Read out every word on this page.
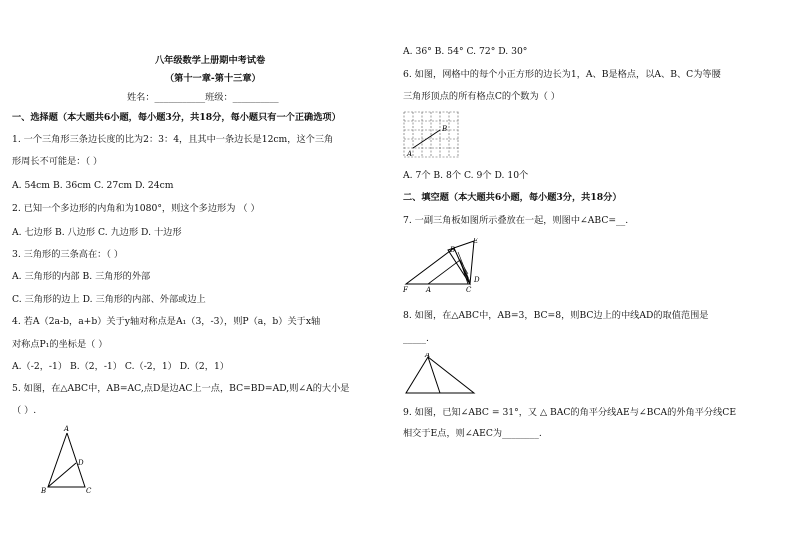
八年级数学上册期中考试卷
（第十一章-第十三章）
姓名：___________班级：__________
一、选择题（本大题共6小题，每小题3分，共18分，每小题只有一个正确选项）
1. 一个三角形三条边长度的比为2：3：4，且其中一条边长是12cm，这个三角
形周长不可能是：（ ）
A. 54cm B. 36cm C. 27cm D. 24cm
2. 已知一个多边形的内角和为1080°，则这个多边形为 （ ）
A. 七边形 B. 八边形 C. 九边形 D. 十边形
3. 三角形的三条高在：（ ）
A. 三角形的内部 B. 三角形的外部
C. 三角形的边上 D. 三角形的内部、外部或边上
4. 若A（2a-b，a+b）关于y轴对称点是A₁（3，-3），则P（a，b）关于x轴
对称点P₁的坐标是（ ）
A.（-2，-1） B.（2，-1） C.（-2，1） D.（2，1）
5. 如图，在△ABC中，AB=AC,点D是边AC上一点，BC=BD=AD,则∠A的大小是
（ ）.
A
B	C
D
A. 36° B. 54° C. 72° D. 30°
6. 如图，网格中的每个小正方形的边长为1，A、B是格点，以A、B、C为等腰
三角形顶点的所有格点C的个数为（ ）
A
B
A. 7个 B. 8个 C. 9个 D. 10个
二、填空题（本大题共6小题，每小题3分，共18分）
7. 一副三角板如图所示叠放在一起，则图中∠ABC=__.
E
B
D
F	A	C
8. 如图，在△ABC中，AB=3，BC=8，则BC边上的中线AD的取值范围是
_____.
A
9. 如图，已知∠ABC = 31°，又 △ BAC的角平分线AE与∠BCA的外角平分线CE
相交于E点，则∠AEC为________.
